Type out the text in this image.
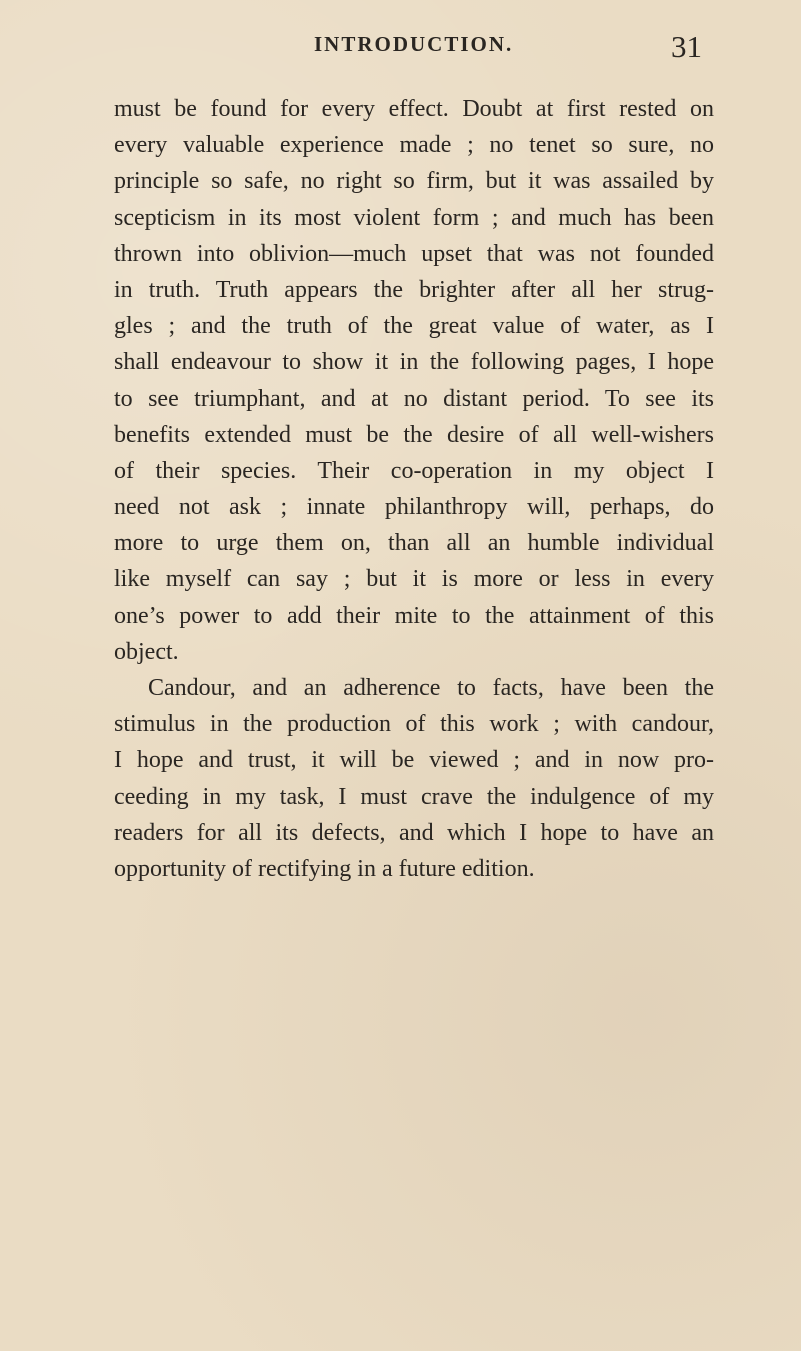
INTRODUCTION.	31
must be found for every effect. Doubt at first rested on
every valuable experience made ; no tenet so sure, no
principle so safe, no right so firm, but it was assailed by
scepticism in its most violent form ; and much has been
thrown into oblivion—much upset that was not founded
in truth. Truth appears the brighter after all her strug-
gles ; and the truth of the great value of water, as I
shall endeavour to show it in the following pages, I hope
to see triumphant, and at no distant period. To see its
benefits extended must be the desire of all well-wishers
of their species. Their co-operation in my object I
need not ask ; innate philanthropy will, perhaps, do
more to urge them on, than all an humble individual
like myself can say ; but it is more or less in every
one’s power to add their mite to the attainment of this
object.
Candour, and an adherence to facts, have been the
stimulus in the production of this work ; with candour,
I hope and trust, it will be viewed ; and in now pro-
ceeding in my task, I must crave the indulgence of my
readers for all its defects, and which I hope to have an
opportunity of rectifying in a future edition.
